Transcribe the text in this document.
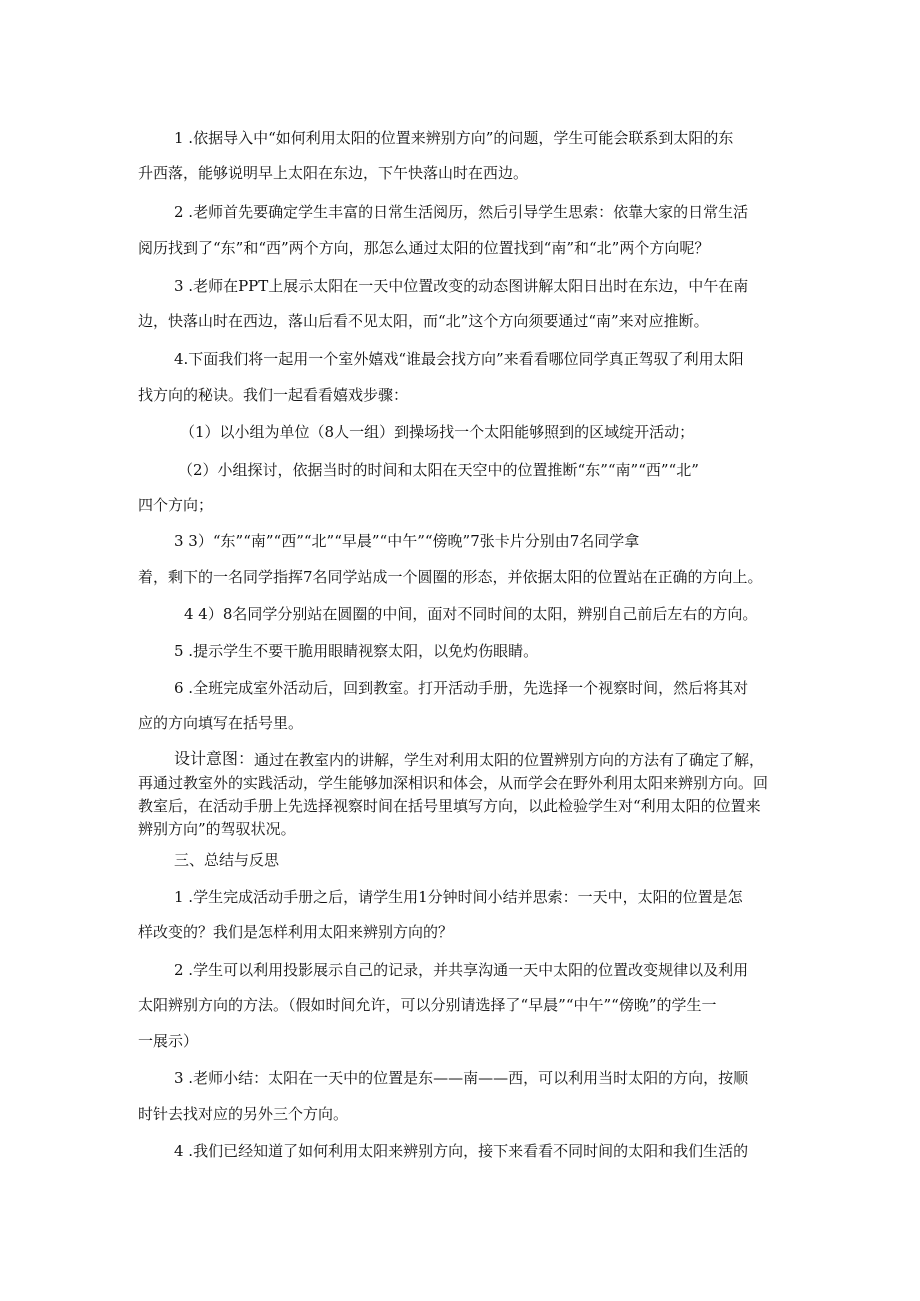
1 .依据导入中“如何利用太阳的位置来辨别方向”的问题，学生可能会联系到太阳的东
升西落，能够说明早上太阳在东边，下午快落山时在西边。
2 .老师首先要确定学生丰富的日常生活阅历，然后引导学生思索：依靠大家的日常生活
阅历找到了“东”和“西”两个方向，那怎么通过太阳的位置找到“南”和“北”两个方向呢？
3 .老师在PPT上展示太阳在一天中位置改变的动态图讲解太阳日出时在东边，中午在南
边，快落山时在西边，落山后看不见太阳，而“北”这个方向须要通过“南”来对应推断。
4.下面我们将一起用一个室外嬉戏“谁最会找方向”来看看哪位同学真正驾驭了利用太阳
找方向的秘诀。我们一起看看嬉戏步骤：
（1）以小组为单位（8人一组）到操场找一个太阳能够照到的区域绽开活动；
（2）小组探讨，依据当时的时间和太阳在天空中的位置推断“东”“南”“西”“北”
四个方向；
3 3）“东”“南”“西”“北”“早晨”“中午”“傍晚”7张卡片分别由7名同学拿
着，剩下的一名同学指挥7名同学站成一个圆圈的形态，并依据太阳的位置站在正确的方向上。
4 4）8名同学分别站在圆圈的中间，面对不同时间的太阳，辨别自己前后左右的方向。
5 .提示学生不要干脆用眼睛视察太阳，以免灼伤眼睛。
6 .全班完成室外活动后，回到教室。打开活动手册，先选择一个视察时间，然后将其对
应的方向填写在括号里。
设计意图： 通过在教室内的讲解，学生对利用太阳的位置辨别方向的方法有了确定了解，
再通过教室外的实践活动，学生能够加深相识和体会，从而学会在野外利用太阳来辨别方向。回
教室后，在活动手册上先选择视察时间在括号里填写方向，以此检验学生对“利用太阳的位置来
辨别方向”的驾驭状况。
三、总结与反思
1 .学生完成活动手册之后，请学生用1分钟时间小结并思索：一天中，太阳的位置是怎
样改变的？我们是怎样利用太阳来辨别方向的？
2 .学生可以利用投影展示自己的记录，并共享沟通一天中太阳的位置改变规律以及利用
太阳辨别方向的方法。（假如时间允许，可以分别请选择了“早晨”“中午”“傍晚”的学生一
一展示）
3 .老师小结：太阳在一天中的位置是东——南——西，可以利用当时太阳的方向，按顺
时针去找对应的另外三个方向。
4 .我们已经知道了如何利用太阳来辨别方向，接下来看看不同时间的太阳和我们生活的
